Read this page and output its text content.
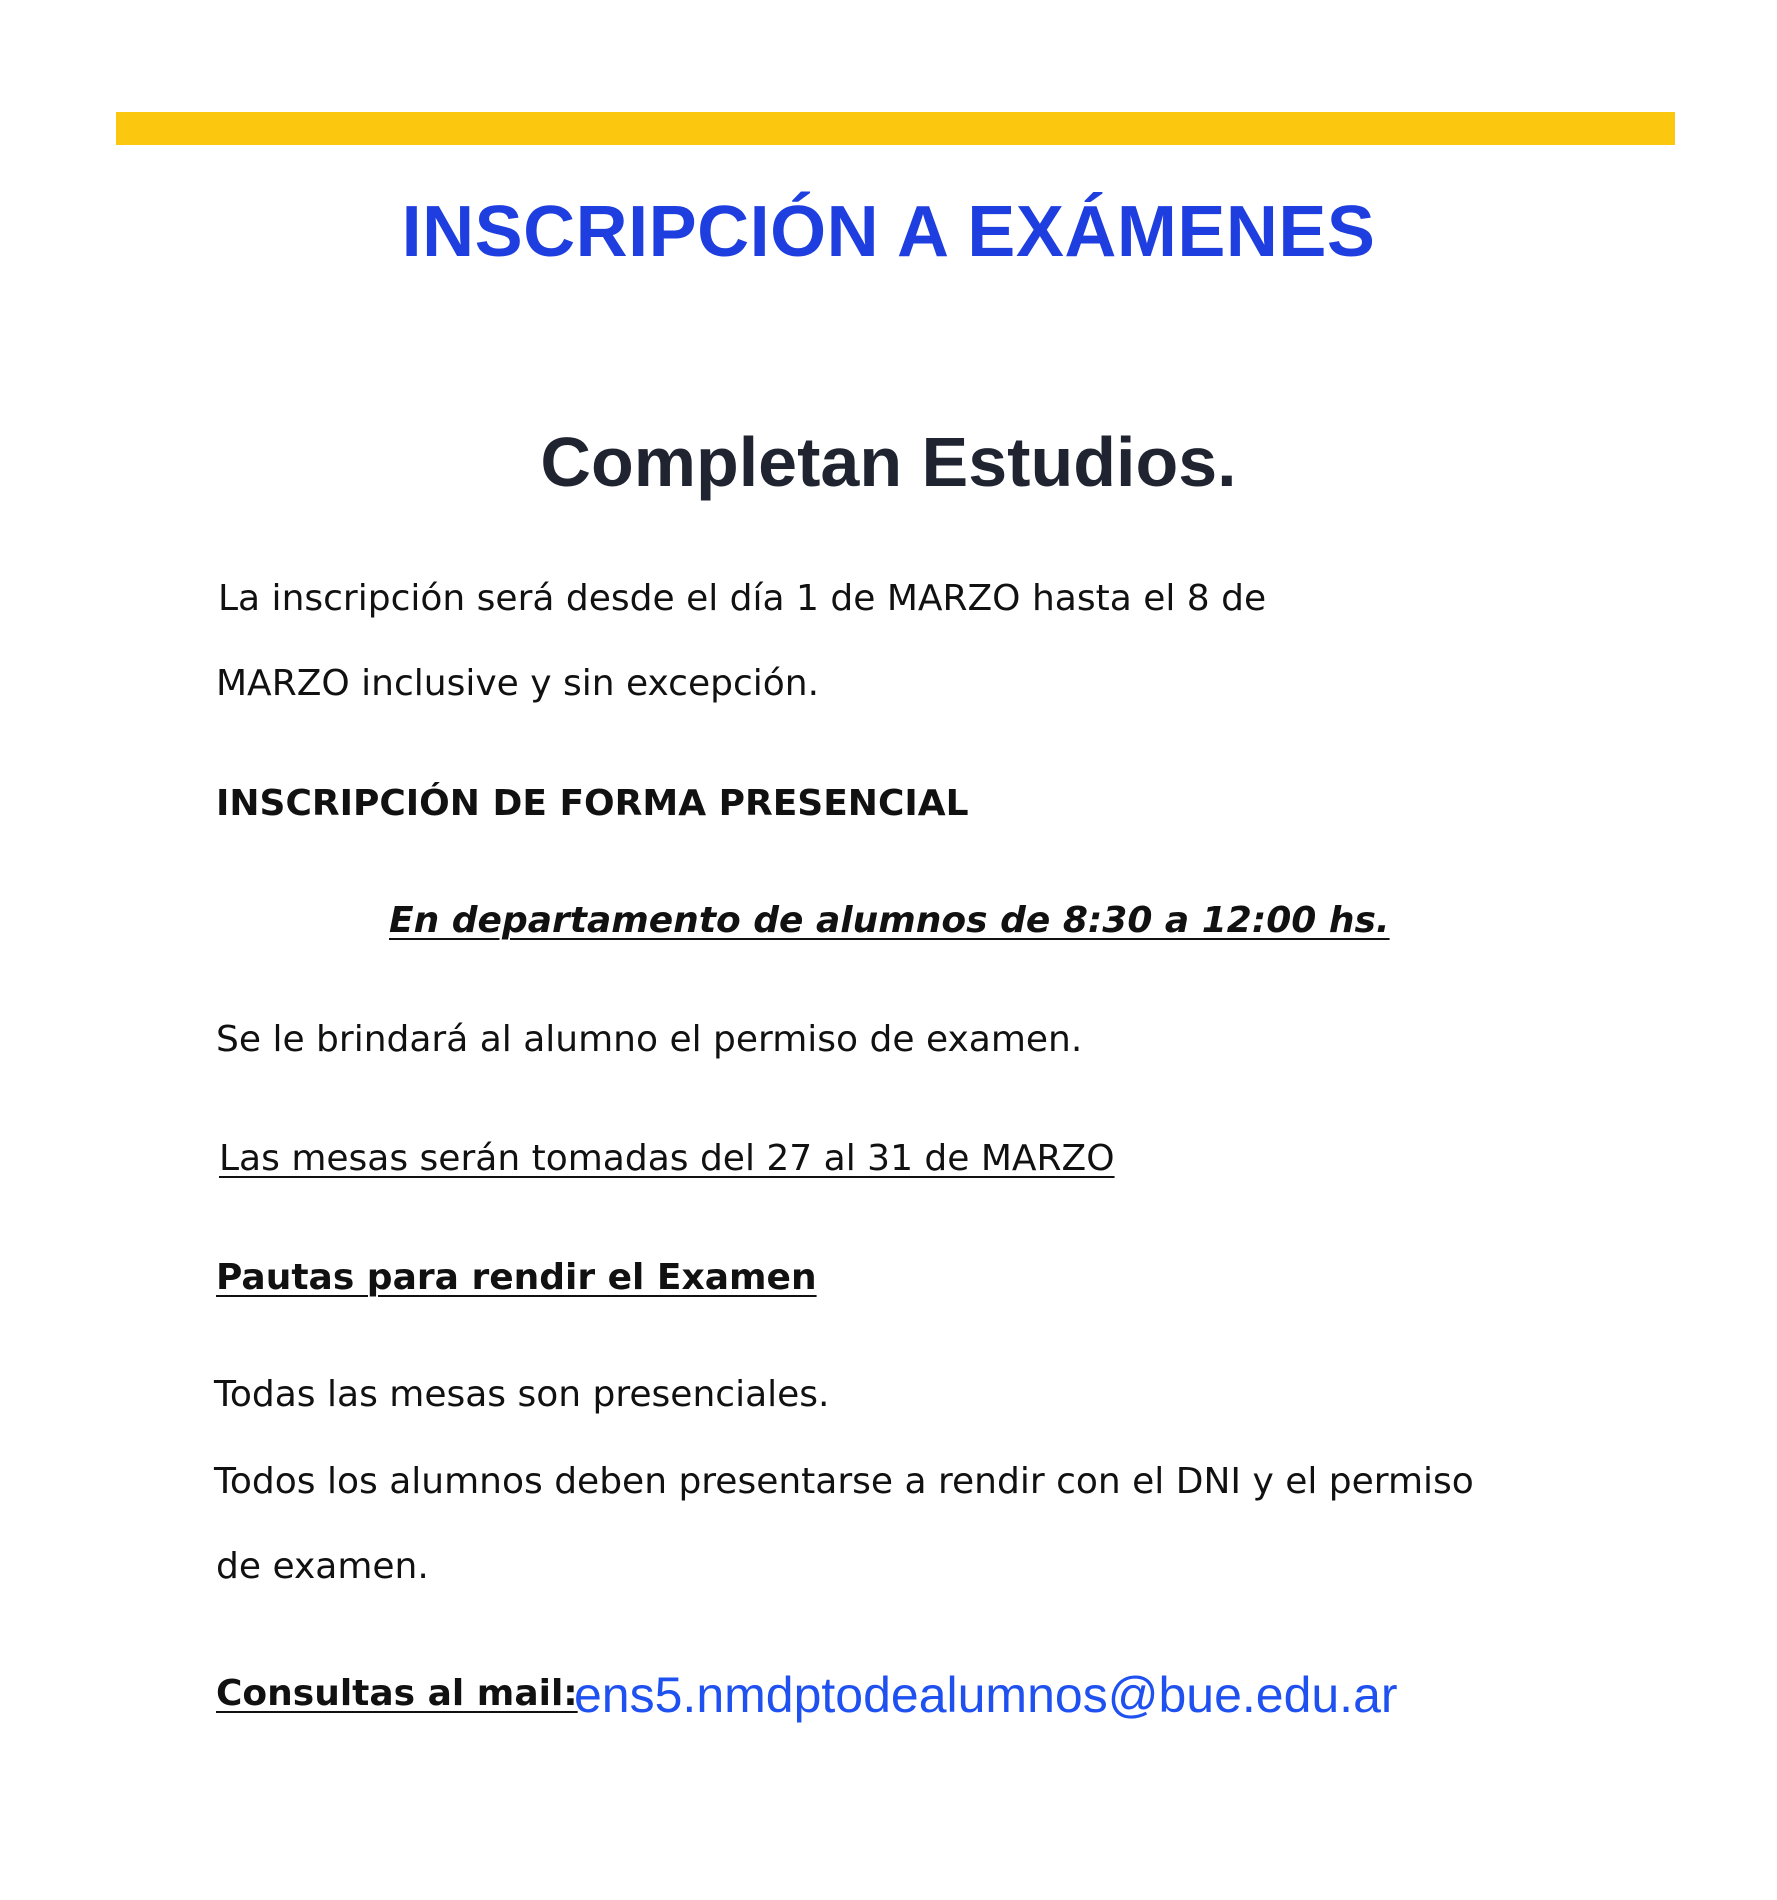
INSCRIPCIÓN A EXÁMENES
Completan Estudios.
La inscripción será desde el día 1 de MARZO hasta el 8 de
MARZO inclusive y sin excepción.
INSCRIPCIÓN DE FORMA PRESENCIAL
En departamento de alumnos de 8:30 a 12:00 hs.
Se le brindará al alumno el permiso de examen.
Las mesas serán tomadas del 27 al 31 de MARZO
Pautas para rendir el Examen
Todas las mesas son presenciales.
Todos los alumnos deben presentarse a rendir con el DNI y el permiso
de examen.
Consultas al mail:
ens5.nmdptodealumnos@bue.edu.ar
